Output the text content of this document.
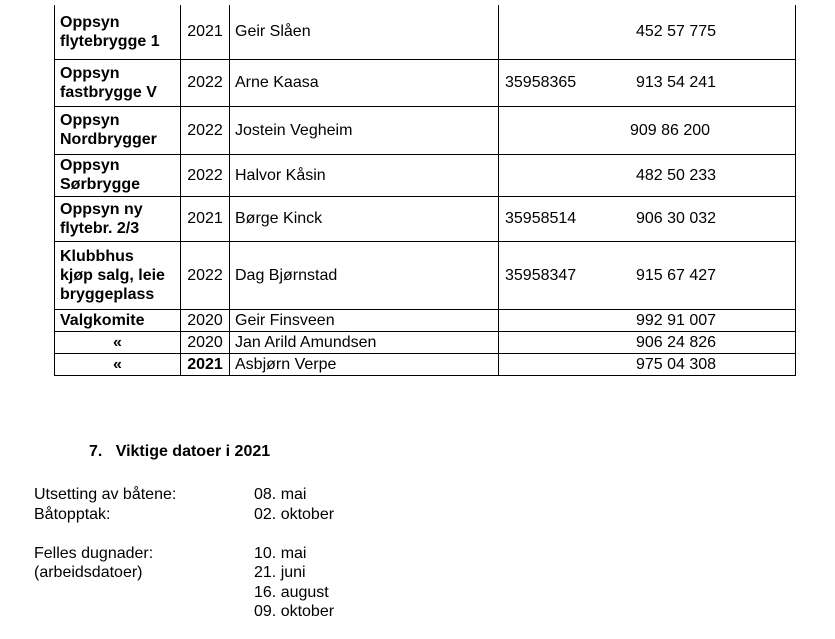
Oppsyn
flytebrygge 1	2021	Geir Slåen		452 57 775
Oppsyn
fastbrygge V	2022	Arne Kaasa	35958365	913 54 241
Oppsyn
Nordbrygger	2022	Jostein Vegheim		909 86 200
Oppsyn
Sørbrygge	2022	Halvor Kåsin		482 50 233
Oppsyn ny
flytebr. 2/3	2021	Børge Kinck	35958514	906 30 032
Klubbhus
kjøp salg, leie
bryggeplass	2022	Dag Bjørnstad	35958347	915 67 427
Valgkomite	2020	Geir Finsveen		992 91 007
«	2020	Jan Arild Amundsen		906 24 826
«	2021	Asbjørn Verpe		975 04 308
7. Viktige datoer i 2021
Utsetting av båtene:	08. mai
Båtopptak:	02. oktober
Felles dugnader:	10. mai
(arbeidsdatoer)	21. juni
16. august
09. oktober
